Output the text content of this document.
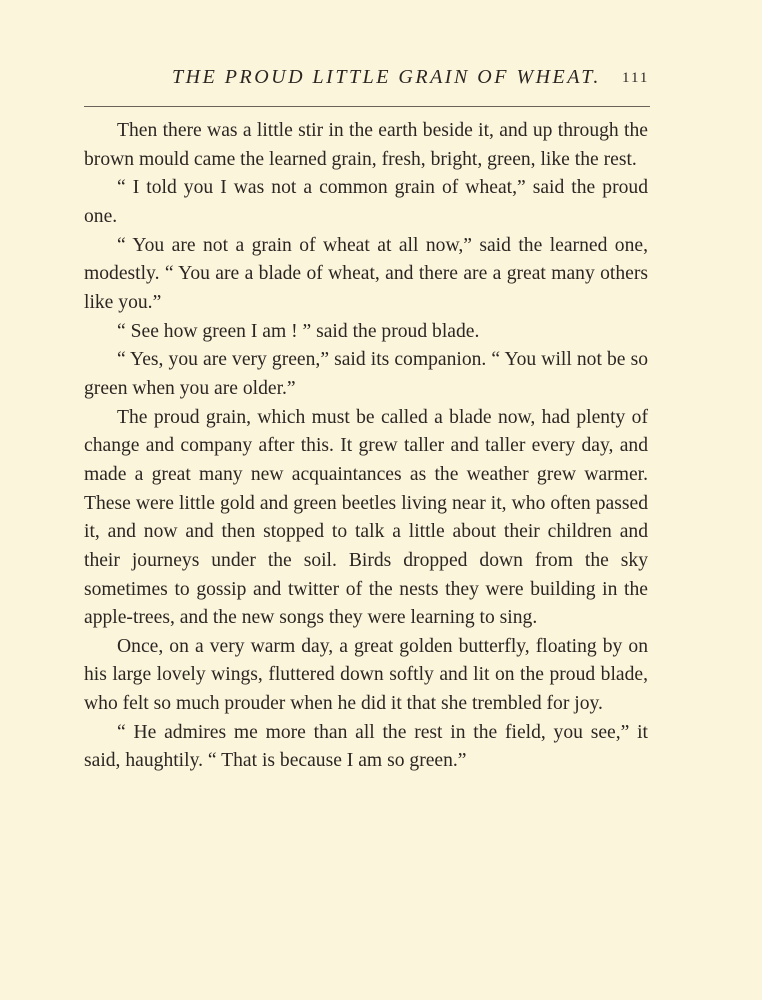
THE PROUD LITTLE GRAIN OF WHEAT. 111

Then there was a little stir in the earth beside it, and up through the brown mould came the learned grain, fresh, bright, green, like the rest.

“ I told you I was not a common grain of wheat,” said the proud one.

“ You are not a grain of wheat at all now,” said the learned one, modestly. “ You are a blade of wheat, and there are a great many others like you.”

“ See how green I am ! ” said the proud blade.

“ Yes, you are very green,” said its companion. “ You will not be so green when you are older.”

The proud grain, which must be called a blade now, had plenty of change and company after this. It grew taller and taller every day, and made a great many new acquaintances as the weather grew warmer. These were little gold and green beetles living near it, who often passed it, and now and then stopped to talk a little about their children and their journeys under the soil. Birds dropped down from the sky sometimes to gossip and twitter of the nests they were building in the apple-trees, and the new songs they were learning to sing.

Once, on a very warm day, a great golden butterfly, floating by on his large lovely wings, fluttered down softly and lit on the proud blade, who felt so much prouder when he did it that she trembled for joy.

“ He admires me more than all the rest in the field, you see,” it said, haughtily. “ That is because I am so green.”
